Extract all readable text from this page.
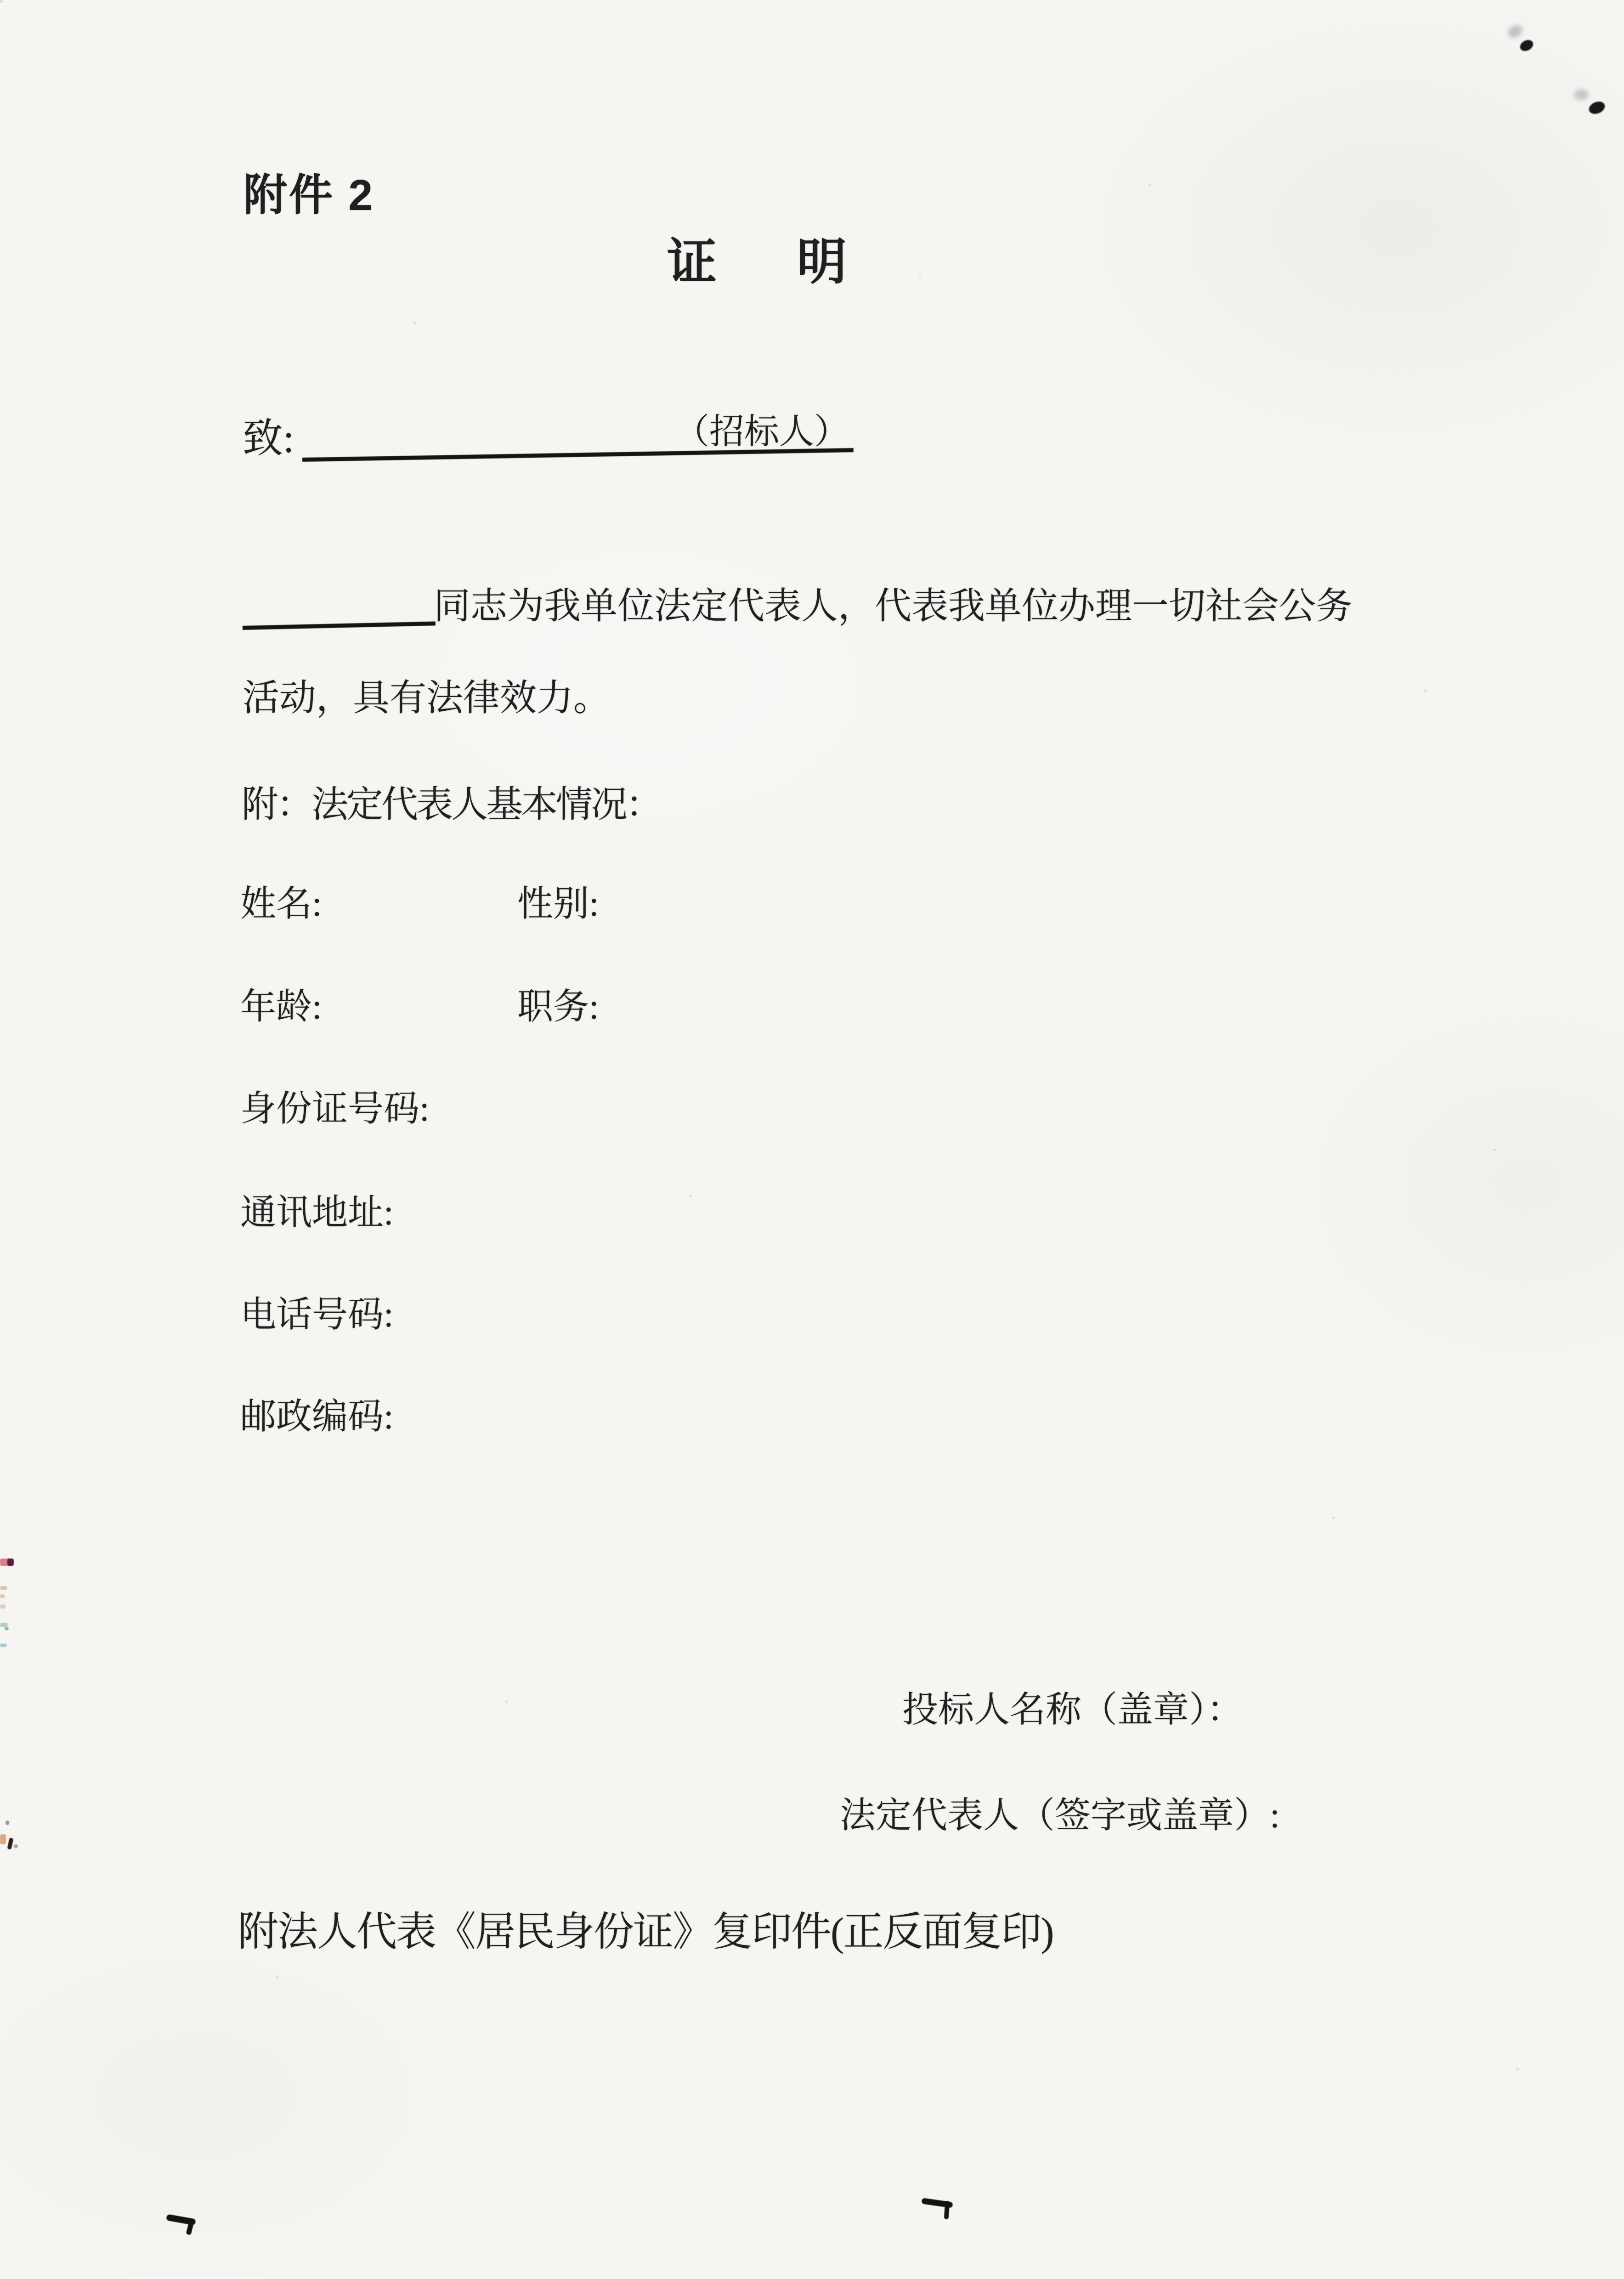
附件 2
证 明
致:	（招标人）
同志为我单位法定代表人，代表我单位办理一切社会公务
活动，具有法律效力。
附：法定代表人基本情况：
姓名:	性别:
年龄:	职务:
身份证号码:
通讯地址:
电话号码:
邮政编码:
投标人名称（盖章）：
法定代表人（签字或盖章）:
附法人代表《居民身份证》复印件(正反面复印)
